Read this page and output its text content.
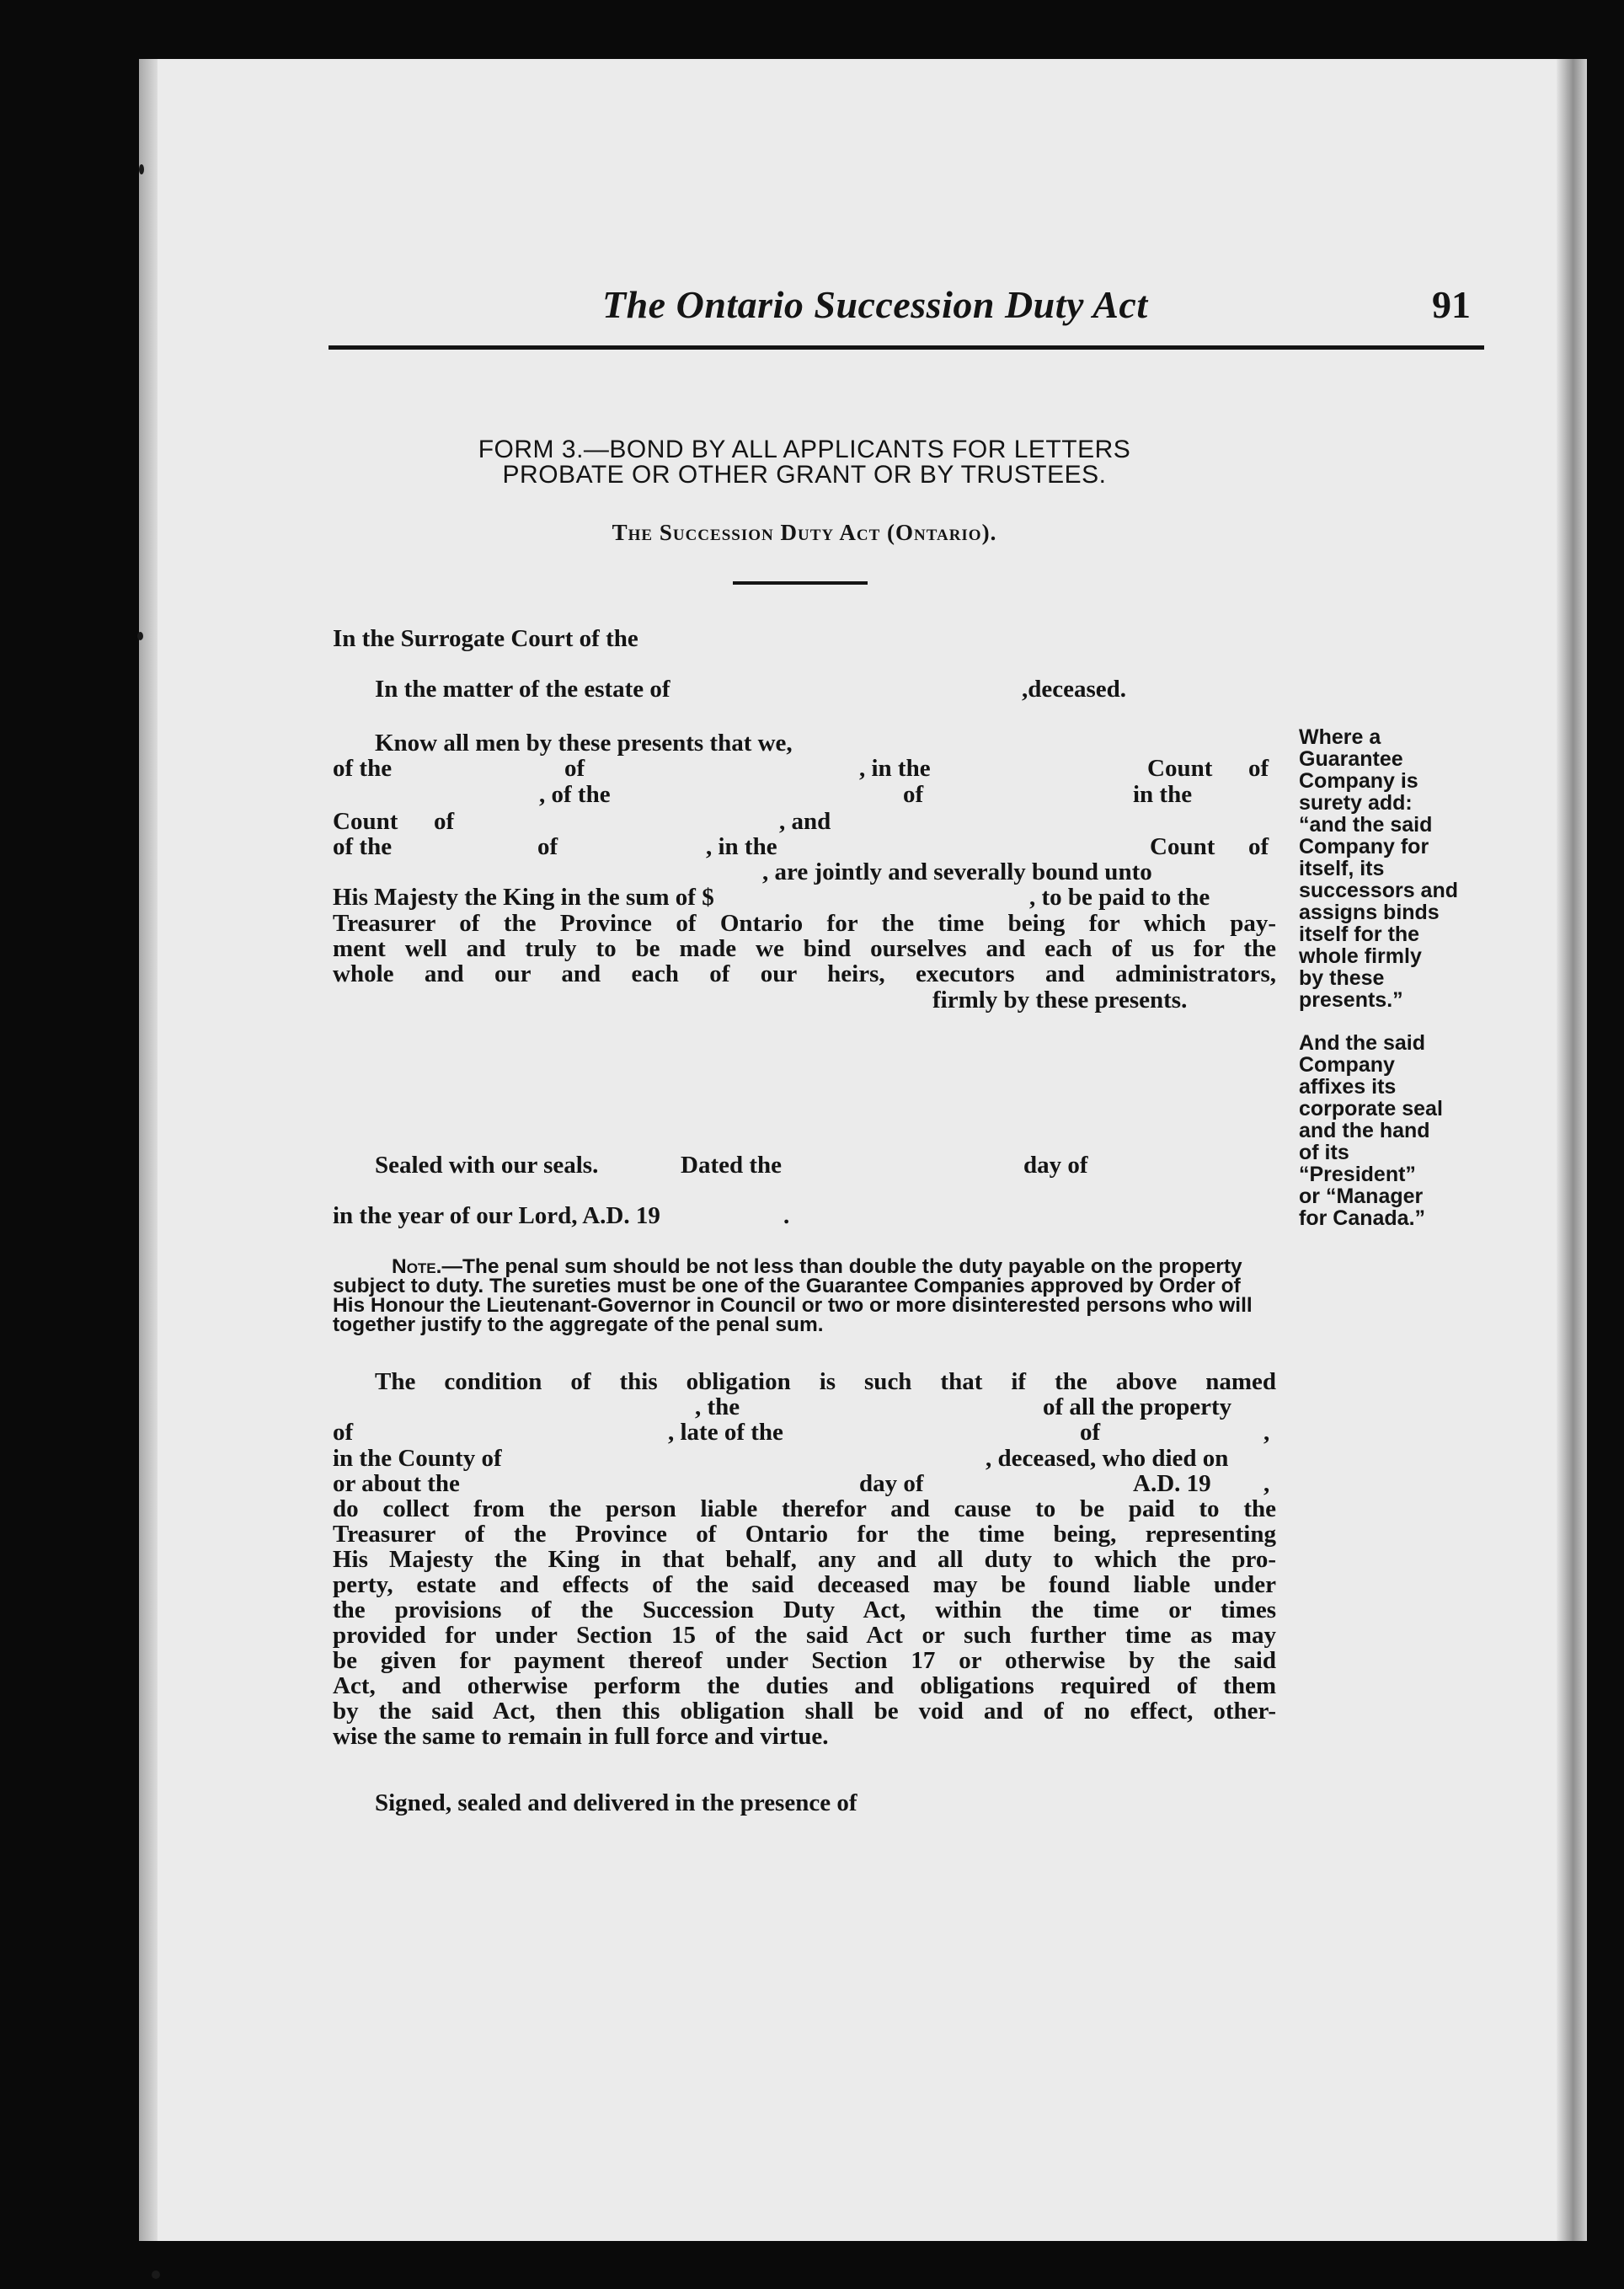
The Ontario Succession Duty Act	91
FORM 3.—BOND BY ALL APPLICANTS FOR LETTERS
PROBATE OR OTHER GRANT OR BY TRUSTEES.
The Succession Duty Act (Ontario).
In the Surrogate Court of the
In the matter of the estate of	,deceased.
Know all men by these presents that we,
of the	of	, in the	Count of
, of the	of	in the
Count of	, and
of the	of	, in the	Count of
, are jointly and severally bound unto
His Majesty the King in the sum of $	, to be paid to the
Treasurer of the Province of Ontario for the time being for which pay-
ment well and truly to be made we bind ourselves and each of us for the
whole and our and each of our heirs, executors and administrators,
firmly by these presents.
Where a
Guarantee
Company is
surety add:
“and the said
Company for
itself, its
successors and
assigns binds
itself for the
whole firmly
by these
presents.”
And the said
Company
affixes its
corporate seal
and the hand
of its
“President”
or “Manager
for Canada.”
Sealed with our seals.	Dated the	day of
in the year of our Lord, A.D. 19	.
Note.—The penal sum should be not less than double the duty payable on the property
subject to duty. The sureties must be one of the Guarantee Companies approved by Order of
His Honour the Lieutenant-Governor in Council or two or more disinterested persons who will
together justify to the aggregate of the penal sum.
The condition of this obligation is such that if the above named
, the	of all the property
of	, late of the	of	,
in the County of	, deceased, who died on
or about the	day of	A.D. 19 ,
do collect from the person liable therefor and cause to be paid to the
Treasurer of the Province of Ontario for the time being, representing
His Majesty the King in that behalf, any and all duty to which the pro-
perty, estate and effects of the said deceased may be found liable under
the provisions of the Succession Duty Act, within the time or times
provided for under Section 15 of the said Act or such further time as may
be given for payment thereof under Section 17 or otherwise by the said
Act, and otherwise perform the duties and obligations required of them
by the said Act, then this obligation shall be void and of no effect, other-
wise the same to remain in full force and virtue.
Signed, sealed and delivered in the presence of
